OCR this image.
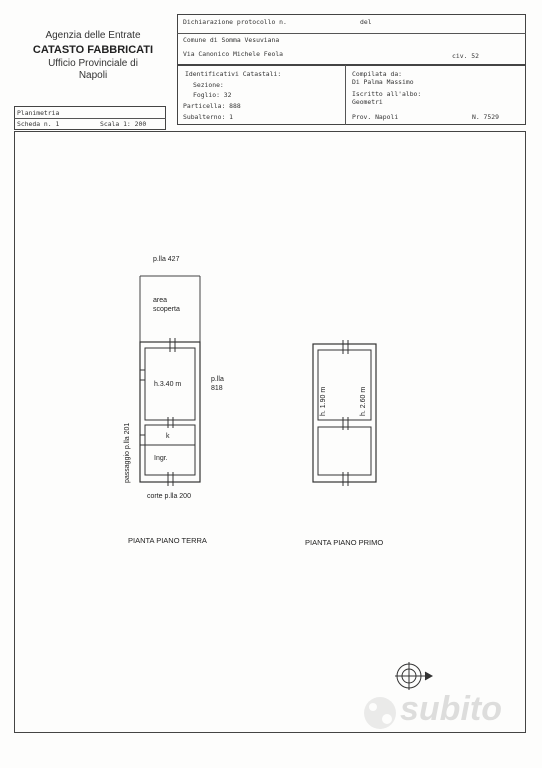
Agenzia delle Entrate
CATASTO FABBRICATI
Ufficio Provinciale di
Napoli
Dichiarazione protocollo n.	del
Comune di Somma Vesuviana
Via Canonico Michele Feola	civ. 52
Identificativi Catastali:
Sezione:
Foglio: 32
Particella: 888
Subalterno: 1
Compilata da:
Di Palma Massimo
Iscritto all'albo:
Geometri
Prov. Napoli	N. 7529
Planimetria
Scheda n. 1	Scala 1: 200
p.lla 427
area
scoperta
h.3.40 m
p.lla
818
k
Ingr.
passaggio p.lla 201
corte p.lla 200
h. 1.90 m	h. 2.60 m
PIANTA PIANO TERRA	PIANTA PIANO PRIMO
subito
